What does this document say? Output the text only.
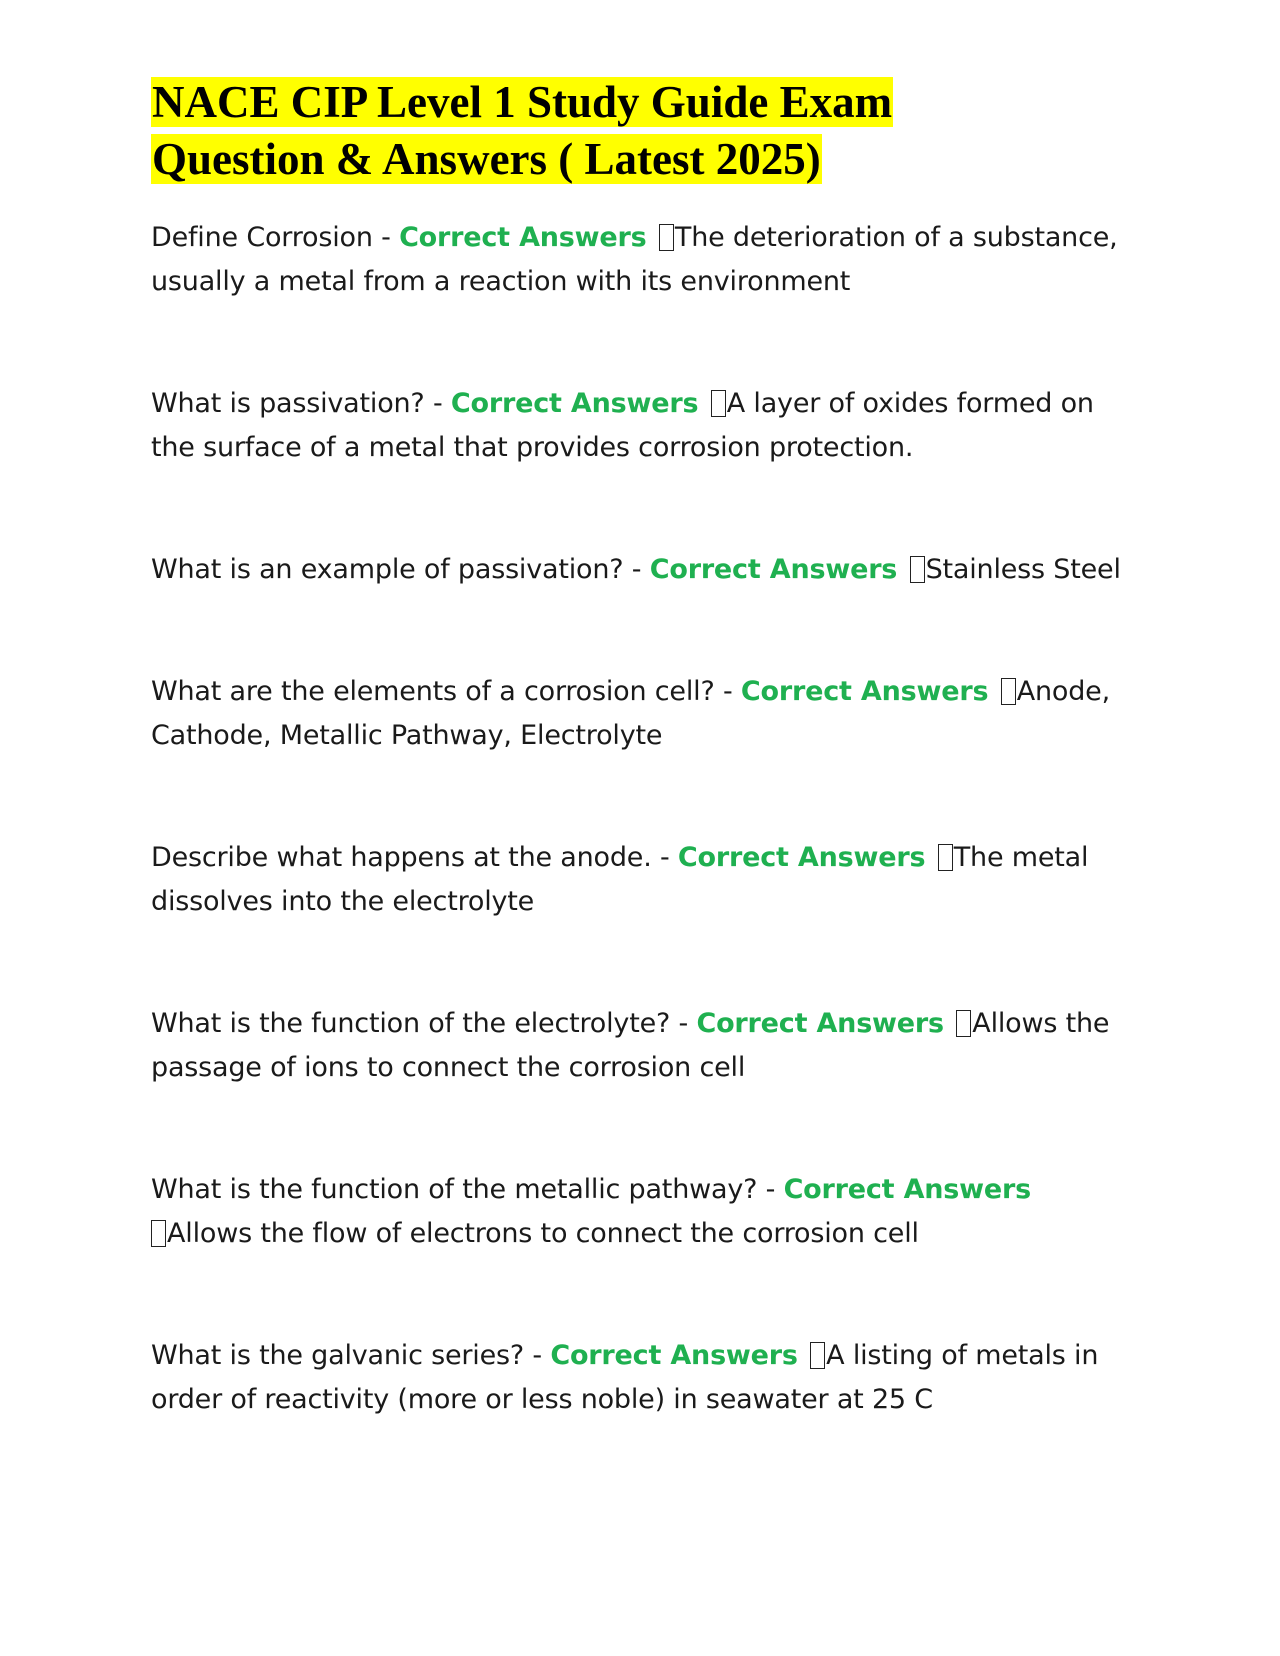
NACE CIP Level 1 Study Guide Exam
Question & Answers ( Latest 2025)

Define Corrosion - Correct Answers The deterioration of a substance, usually a metal from a reaction with its environment

What is passivation? - Correct Answers A layer of oxides formed on the surface of a metal that provides corrosion protection.

What is an example of passivation? - Correct Answers Stainless Steel

What are the elements of a corrosion cell? - Correct Answers Anode, Cathode, Metallic Pathway, Electrolyte

Describe what happens at the anode. - Correct Answers The metal dissolves into the electrolyte

What is the function of the electrolyte? - Correct Answers Allows the passage of ions to connect the corrosion cell

What is the function of the metallic pathway? - Correct Answers
Allows the flow of electrons to connect the corrosion cell

What is the galvanic series? - Correct Answers A listing of metals in order of reactivity (more or less noble) in seawater at 25 C
